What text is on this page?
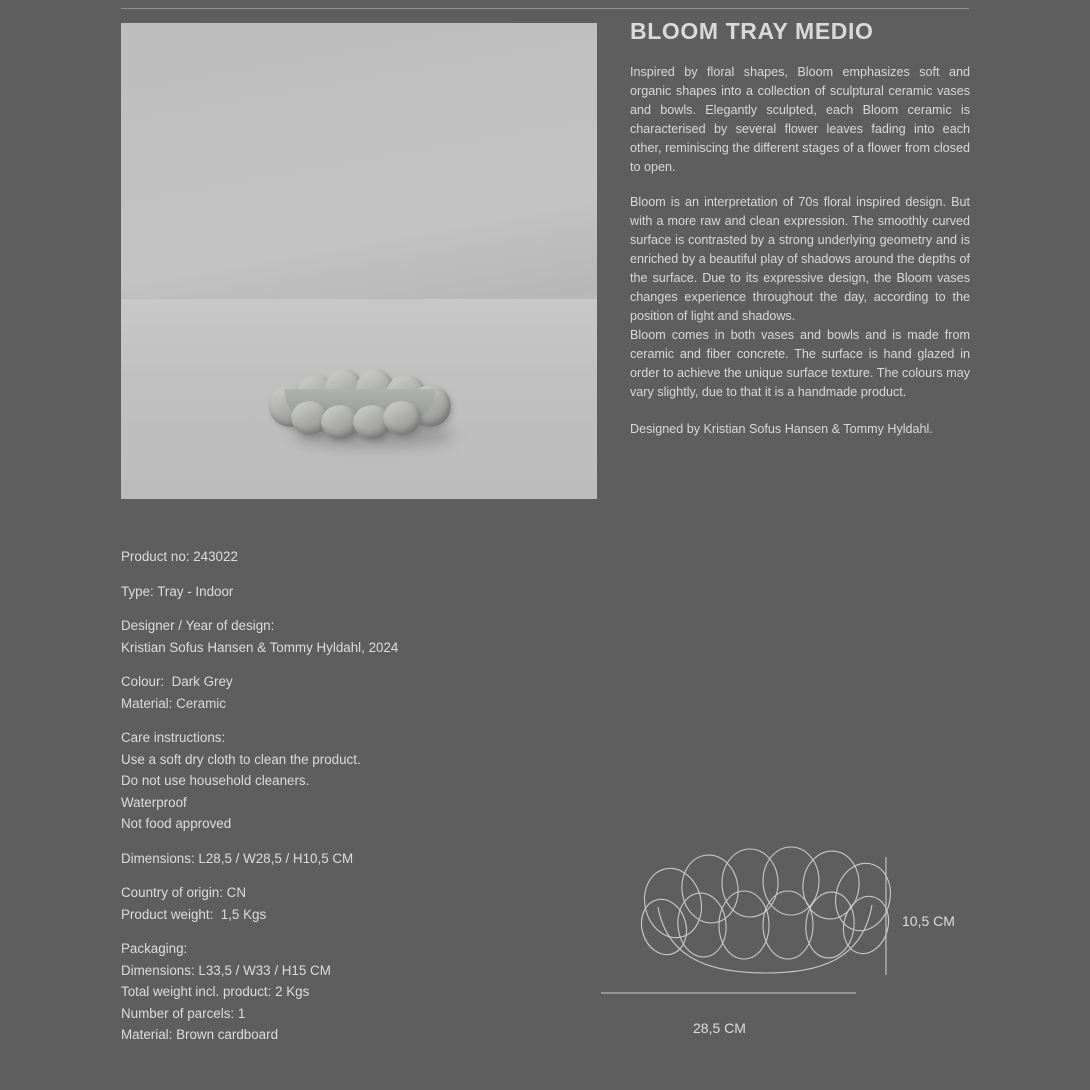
BLOOM TRAY MEDIO

Inspired by floral shapes, Bloom emphasizes soft and organic shapes into a collection of sculptural ceramic vases and bowls. Elegantly sculpted, each Bloom ceramic is characterised by several flower leaves fading into each other, reminiscing the different stages of a flower from closed to open.

Bloom is an interpretation of 70s floral inspired design. But with a more raw and clean expression. The smoothly curved surface is contrasted by a strong underlying geometry and is enriched by a beautiful play of shadows around the depths of the surface. Due to its expressive design, the Bloom vases changes experience throughout the day, according to the position of light and shadows.

Bloom comes in both vases and bowls and is made from ceramic and fiber concrete. The surface is hand glazed in order to achieve the unique surface texture. The colours may vary slightly, due to that it is a handmade product.

Designed by Kristian Sofus Hansen & Tommy Hyldahl.

Product no: 243022
Type: Tray - Indoor
Designer / Year of design:
Kristian Sofus Hansen & Tommy Hyldahl, 2024
Colour:  Dark Grey
Material: Ceramic
Care instructions:
Use a soft dry cloth to clean the product.
Do not use household cleaners.
Waterproof
Not food approved
Dimensions: L28,5 / W28,5 / H10,5 CM
Country of origin: CN
Product weight:  1,5 Kgs
Packaging:
Dimensions: L33,5 / W33 / H15 CM
Total weight incl. product: 2 Kgs
Number of parcels: 1
Material: Brown cardboard
10,5 CM
28,5 CM
